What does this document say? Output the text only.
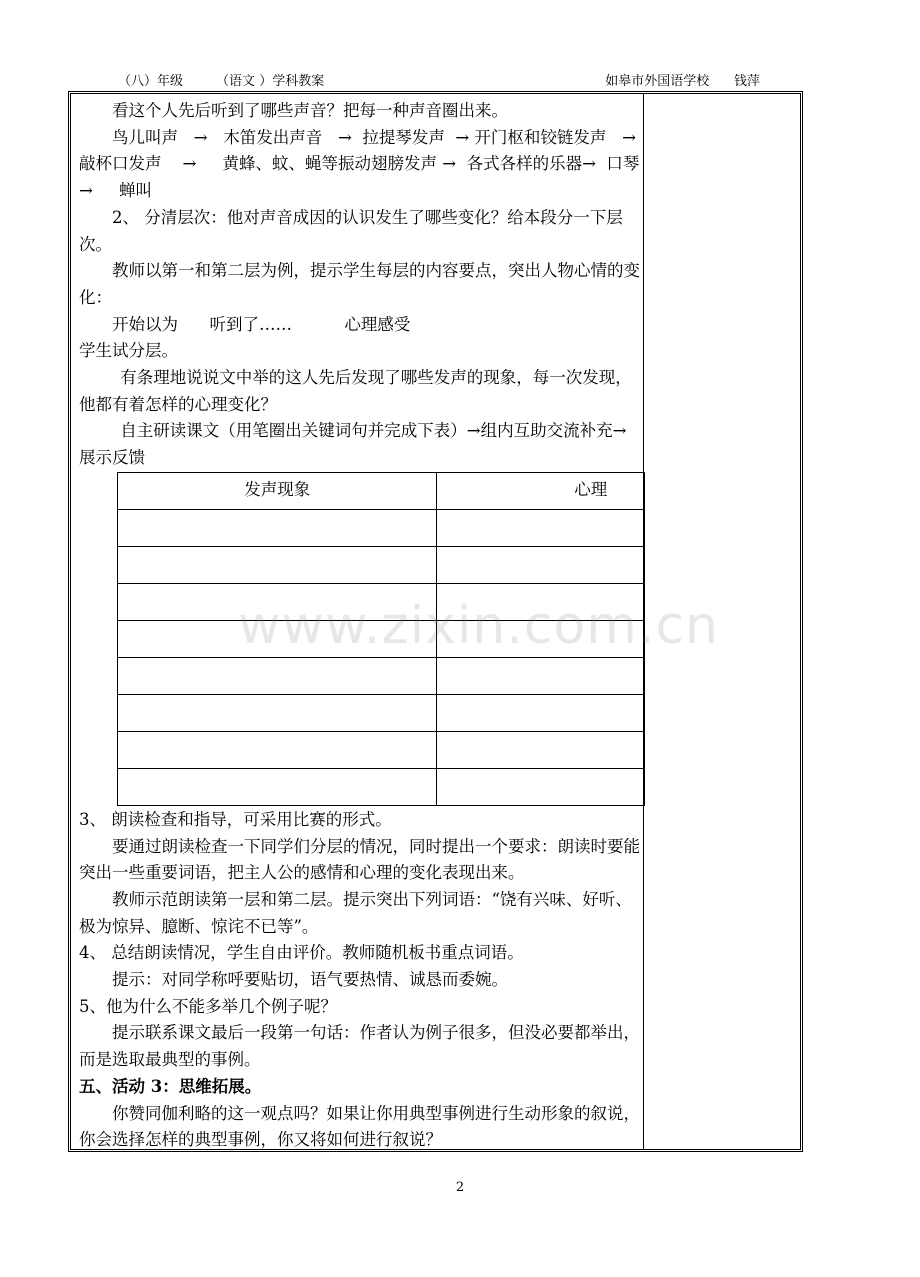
（八）年级        （语文 ）学科教案	如皋市外国语学校      钱萍

看这个人先后听到了哪些声音？把每一种声音圈出来。

鸟儿叫声   →   木笛发出声音   →  拉提琴发声  → 开门枢和铰链发声   →  敲杯口发声    →     黄蜂、蚊、蝇等振动翅膀发声 →  各式各样的乐器→  口琴   →     蝉叫

2、 分清层次：他对声音成因的认识发生了哪些变化？给本段分一下层次。

教师以第一和第二层为例，提示学生每层的内容要点，突出人物心情的变化：

开始以为      听到了……          心理感受

学生试分层。

有条理地说说文中举的这人先后发现了哪些发声的现象，每一次发现，他都有着怎样的心理变化？

自主研读课文（用笔圈出关键词句并完成下表）→组内互助交流补充→展示反馈

发声现象	心理

3、 朗读检查和指导，可采用比赛的形式。

要通过朗读检查一下同学们分层的情况，同时提出一个要求：朗读时要能突出一些重要词语，把主人公的感情和心理的变化表现出来。

教师示范朗读第一层和第二层。提示突出下列词语：“饶有兴味、好听、极为惊异、臆断、惊诧不已等”。

4、 总结朗读情况，学生自由评价。教师随机板书重点词语。

提示：对同学称呼要贴切，语气要热情、诚恳而委婉。

5、他为什么不能多举几个例子呢？

提示联系课文最后一段第一句话：作者认为例子很多，但没必要都举出，而是选取最典型的事例。

五、活动 3：思维拓展。

你赞同伽利略的这一观点吗？如果让你用典型事例进行生动形象的叙说，你会选择怎样的典型事例，你又将如何进行叙说？

www.zixin.com.cn
2
